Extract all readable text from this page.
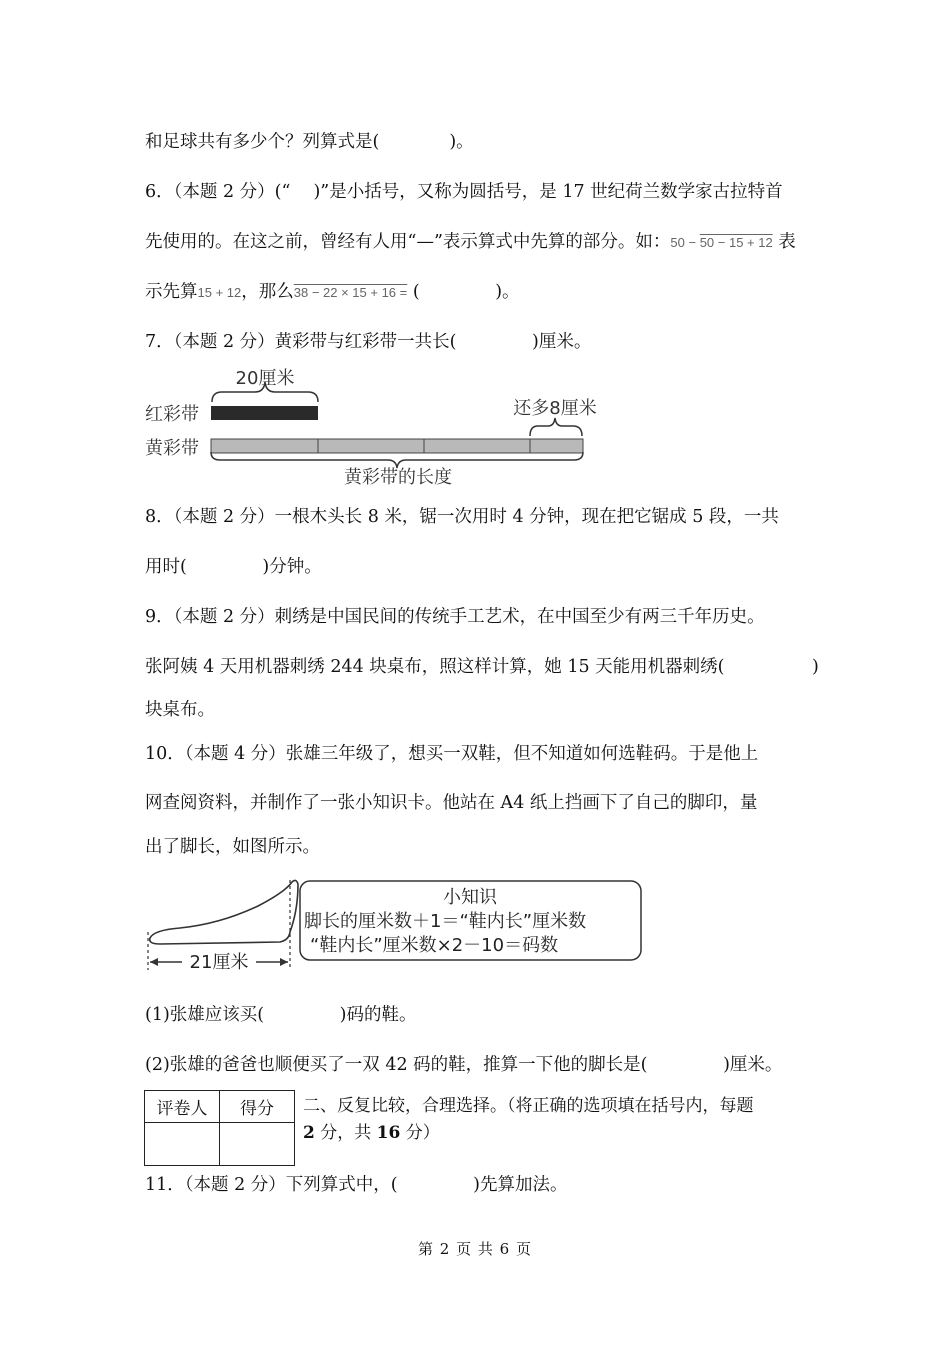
和足球共有多少个？列算式是(　　　　)。
6．（本题 2 分）(“　 )”是小括号，又称为圆括号，是 17 世纪荷兰数学家古拉特首
先使用的。在这之前，曾经有人用“—”表示算式中先算的部分。如：50 − 50 − 15 + 12 表
示先算15 + 12，那么38 − 22 × 15 + 16 = (　　　　 )。
7．（本题 2 分）黄彩带与红彩带一共长(　　　　 )厘米。
20厘米
红彩带	还多8厘米
黄彩带
黄彩带的长度
8．（本题 2 分）一根木头长 8 米，锯一次用时 4 分钟，现在把它锯成 5 段，一共
用时(　　　　 )分钟。
9．（本题 2 分）刺绣是中国民间的传统手工艺术，在中国至少有两三千年历史。
张阿姨 4 天用机器刺绣 244 块桌布，照这样计算，她 15 天能用机器刺绣(　　　　　)
块桌布。
10．（本题 4 分）张雄三年级了，想买一双鞋，但不知道如何选鞋码。于是他上
网查阅资料，并制作了一张小知识卡。他站在 A4 纸上挡画下了自己的脚印，量
出了脚长，如图所示。
21厘米
小知识
脚长的厘米数＋1＝“鞋内长”厘米数
“鞋内长”厘米数×2－10＝码数
(1)张雄应该买(　　　　 )码的鞋。
(2)张雄的爸爸也顺便买了一双 42 码的鞋，推算一下他的脚长是(　　　　 )厘米。
评卷人	得分
	二、反复比较，合理选择。（将正确的选项填在括号内，每题
2 分，共 16 分）
11．（本题 2 分）下列算式中，(　　　　 )先算加法。
第 2 页 共 6 页
